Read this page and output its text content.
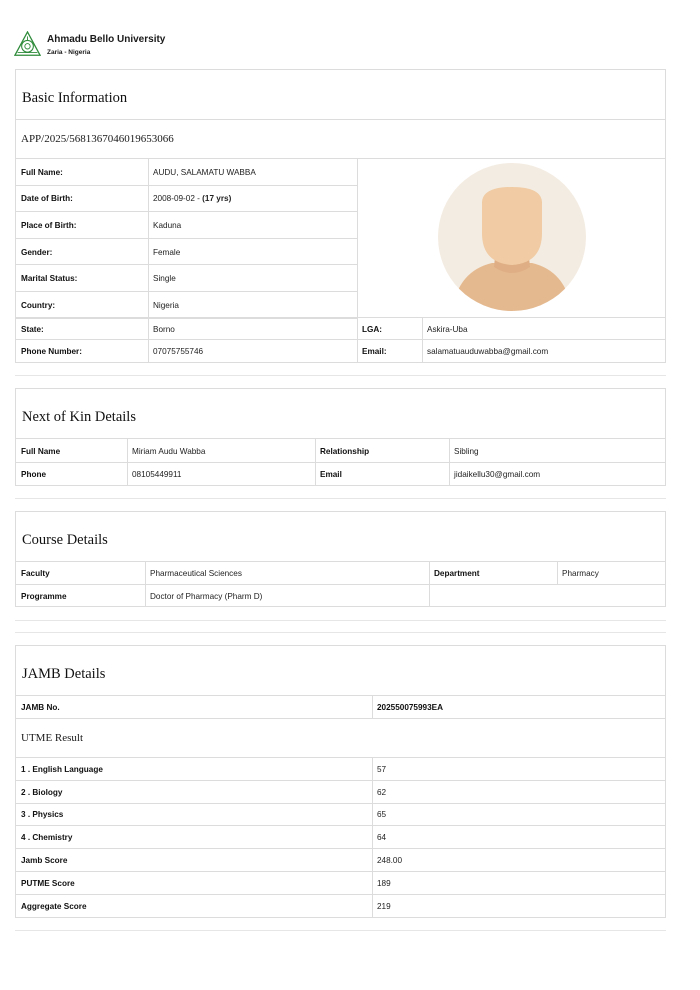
Ahmadu Bello University
Zaria - Nigeria
Basic Information
APP/2025/5681367046019653066
Full Name:	AUDU, SALAMATU WABBA
Date of Birth:	2008-09-02 - (17 yrs)
Place of Birth:	Kaduna
Gender:	Female
Marital Status:	Single
Country:	Nigeria
State:	Borno	LGA:	Askira-Uba
Phone Number:	07075755746	Email:	salamatuauduwabba@gmail.com
Next of Kin Details
Full Name	Miriam Audu Wabba	Relationship	Sibling
Phone	08105449911	Email	jidaikellu30@gmail.com
Course Details
Faculty	Pharmaceutical Sciences	Department	Pharmacy
Programme	Doctor of Pharmacy (Pharm D)
JAMB Details
JAMB No.	202550075993EA
UTME Result
1 . English Language	57
2 . Biology	62
3 . Physics	65
4 . Chemistry	64
Jamb Score	248.00
PUTME Score	189
Aggregate Score	219
